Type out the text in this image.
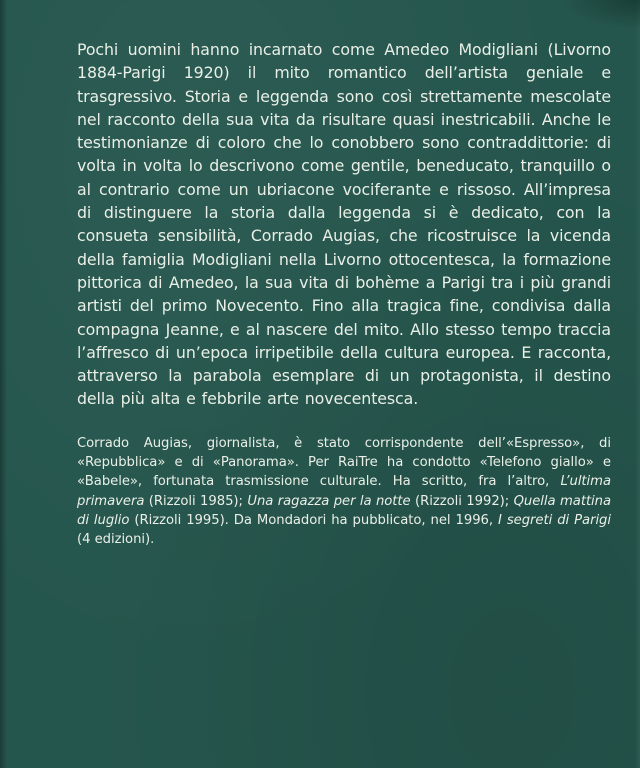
Pochi uomini hanno incarnato come Amedeo Modigliani (Livorno 1884-Parigi 1920) il mito romantico dell’artista geniale e trasgressivo. Storia e leggenda sono così strettamente mescolate nel racconto della sua vita da risultare quasi inestricabili. Anche le testimonianze di coloro che lo conobbero sono contraddittorie: di volta in volta lo descrivono come gentile, beneducato, tranquillo o al contrario come un ubriacone vociferante e rissoso. All’impresa di distinguere la storia dalla leggenda si è dedicato, con la consueta sensibilità, Corrado Augias, che ricostruisce la vicenda della famiglia Modigliani nella Livorno ottocentesca, la formazione pittorica di Amedeo, la sua vita di bohème a Parigi tra i più grandi artisti del primo Novecento. Fino alla tragica fine, condivisa dalla compagna Jeanne, e al nascere del mito. Allo stesso tempo traccia l’affresco di un’epoca irripetibile della cultura europea. E racconta, attraverso la parabola esemplare di un protagonista, il destino della più alta e febbrile arte novecentesca.

Corrado Augias, giornalista, è stato corrispondente dell’«Espresso», di «Repubblica» e di «Panorama». Per RaiTre ha condotto «Telefono giallo» e «Babele», fortunata trasmissione culturale. Ha scritto, fra l’altro, L’ultima primavera (Rizzoli 1985); Una ragazza per la notte (Rizzoli 1992); Quella mattina di luglio (Rizzoli 1995). Da Mondadori ha pubblicato, nel 1996, I segreti di Parigi (4 edizioni).
